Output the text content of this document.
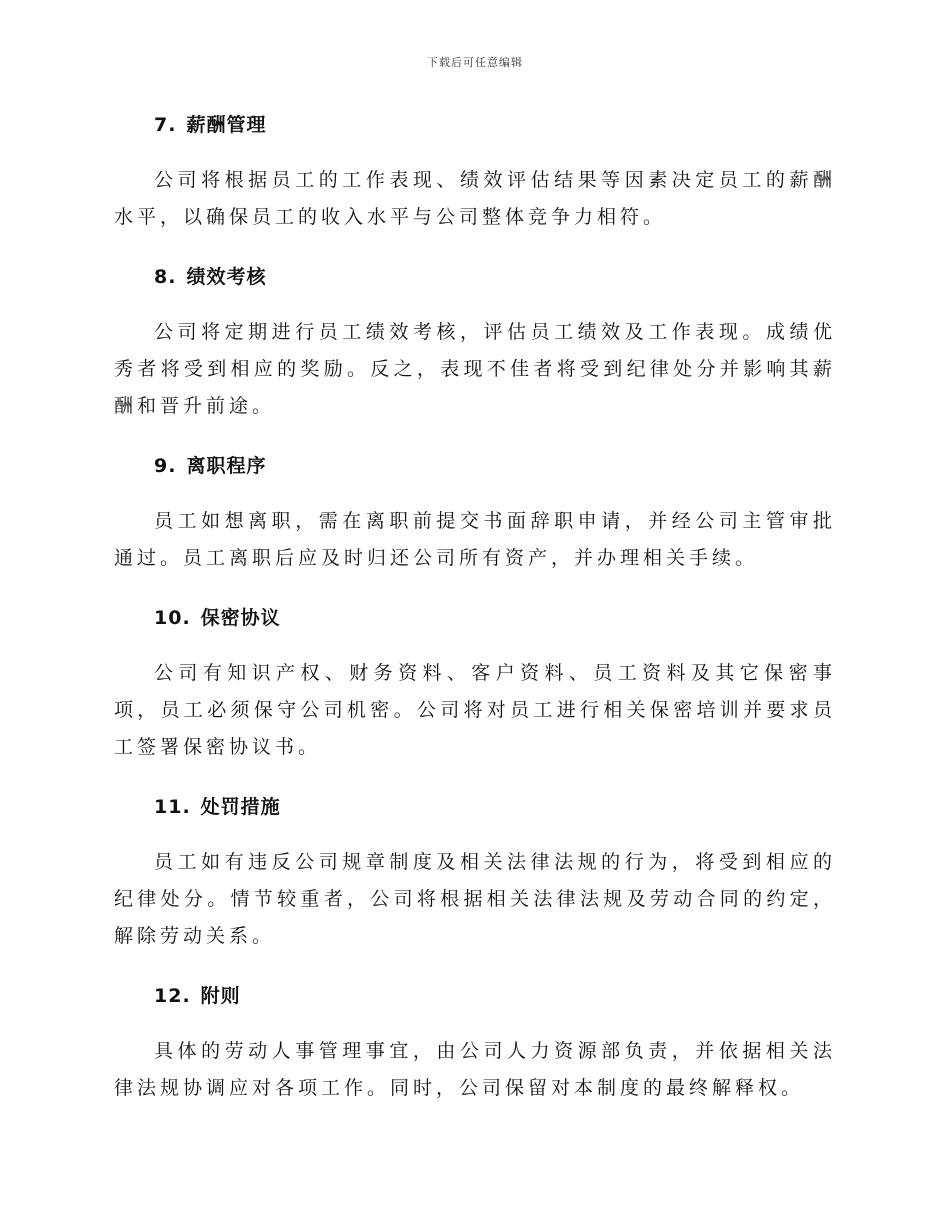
下载后可任意编辑
7. 薪酬管理

公司将根据员工的工作表现、绩效评估结果等因素决定员工的薪酬水平，以确保员工的收入水平与公司整体竞争力相符。

8. 绩效考核

公司将定期进行员工绩效考核，评估员工绩效及工作表现。成绩优秀者将受到相应的奖励。反之，表现不佳者将受到纪律处分并影响其薪酬和晋升前途。

9. 离职程序

员工如想离职，需在离职前提交书面辞职申请，并经公司主管审批通过。员工离职后应及时归还公司所有资产，并办理相关手续。

10. 保密协议

公司有知识产权、财务资料、客户资料、员工资料及其它保密事项，员工必须保守公司机密。公司将对员工进行相关保密培训并要求员工签署保密协议书。

11. 处罚措施

员工如有违反公司规章制度及相关法律法规的行为，将受到相应的纪律处分。情节较重者，公司将根据相关法律法规及劳动合同的约定，解除劳动关系。

12. 附则

具体的劳动人事管理事宜，由公司人力资源部负责，并依据相关法律法规协调应对各项工作。同时，公司保留对本制度的最终解释权。
